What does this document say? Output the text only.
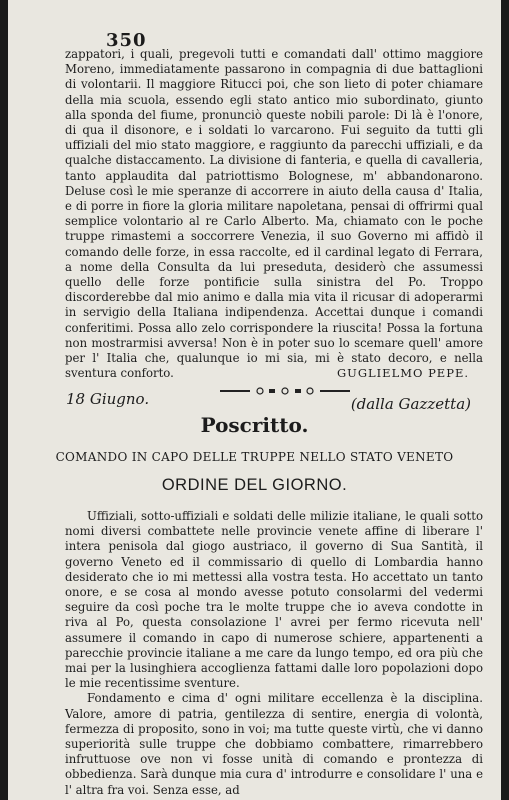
350

zappatori, i quali, pregevoli tutti e comandati dall' ottimo maggiore Moreno, immediatamente passarono in compagnia di due battaglioni di volontarii. Il maggiore Ritucci poi, che son lieto di poter chiamare della mia scuola, essendo egli stato antico mio subordinato, giunto alla sponda del fiume, pronunciò queste nobili parole: Di là è l'onore, di qua il disonore, e i soldati lo varcarono. Fui seguito da tutti gli uffiziali del mio stato maggiore, e raggiunto da parecchi uffiziali, e da qualche distaccamento. La divisione di fanteria, e quella di cavalleria, tanto applaudita dal patriottismo Bolognese, m' abbandonarono. Deluse così le mie speranze di accorrere in aiuto della causa d' Italia, e di porre in fiore la gloria militare napoletana, pensai di offrirmi qual semplice volontario al re Carlo Alberto. Ma, chiamato con le poche truppe rimastemi a soccorrere Venezia, il suo Governo mi affidò il comando delle forze, in essa raccolte, ed il cardinal legato di Ferrara, a nome della Consulta da lui preseduta, desiderò che assumessi quello delle forze pontificie sulla sinistra del Po. Troppo discorderebbe dal mio animo e dalla mia vita il ricusar di adoperarmi in servigio della Italiana indipendenza. Accettai dunque i comandi conferitimi. Possa allo zelo corrispondere la riuscita! Possa la fortuna non mostrarmisi avversa! Non è in poter suo lo scemare quell' amore per l' Italia che, qualunque io mi sia, mi è stato decoro, e nella sventura conforto.	GUGLIELMO PEPE.
18 Giugno.	(dalla Gazzetta)
Poscritto.
COMANDO IN CAPO DELLE TRUPPE NELLO STATO VENETO
ORDINE DEL GIORNO.

Uffiziali, sotto-uffiziali e soldati delle milizie italiane, le quali sotto nomi diversi combattete nelle provincie venete affine di liberare l' intera penisola dal giogo austriaco, il governo di Sua Santità, il governo Veneto ed il commissario di quello di Lombardia hanno desiderato che io mi mettessi alla vostra testa. Ho accettato un tanto onore, e se cosa al mondo avesse potuto consolarmi del vedermi seguire da così poche tra le molte truppe che io aveva condotte in riva al Po, questa consolazione l' avrei per fermo ricevuta nell' assumere il comando in capo di numerose schiere, appartenenti a parecchie provincie italiane a me care da lungo tempo, ed ora più che mai per la lusinghiera accoglienza fattami dalle loro popolazioni dopo le mie recentissime sventure.

Fondamento e cima d' ogni militare eccellenza è la disciplina. Valore, amore di patria, gentilezza di sentire, energia di volontà, fermezza di proposito, sono in voi; ma tutte queste virtù, che vi danno superiorità sulle truppe che dobbiamo combattere, rimarrebbero infruttuose ove non vi fosse unità di comando e prontezza di obbedienza. Sarà dunque mia cura d' introdurre e consolidare l' una e l' altra fra voi. Senza esse, ad
